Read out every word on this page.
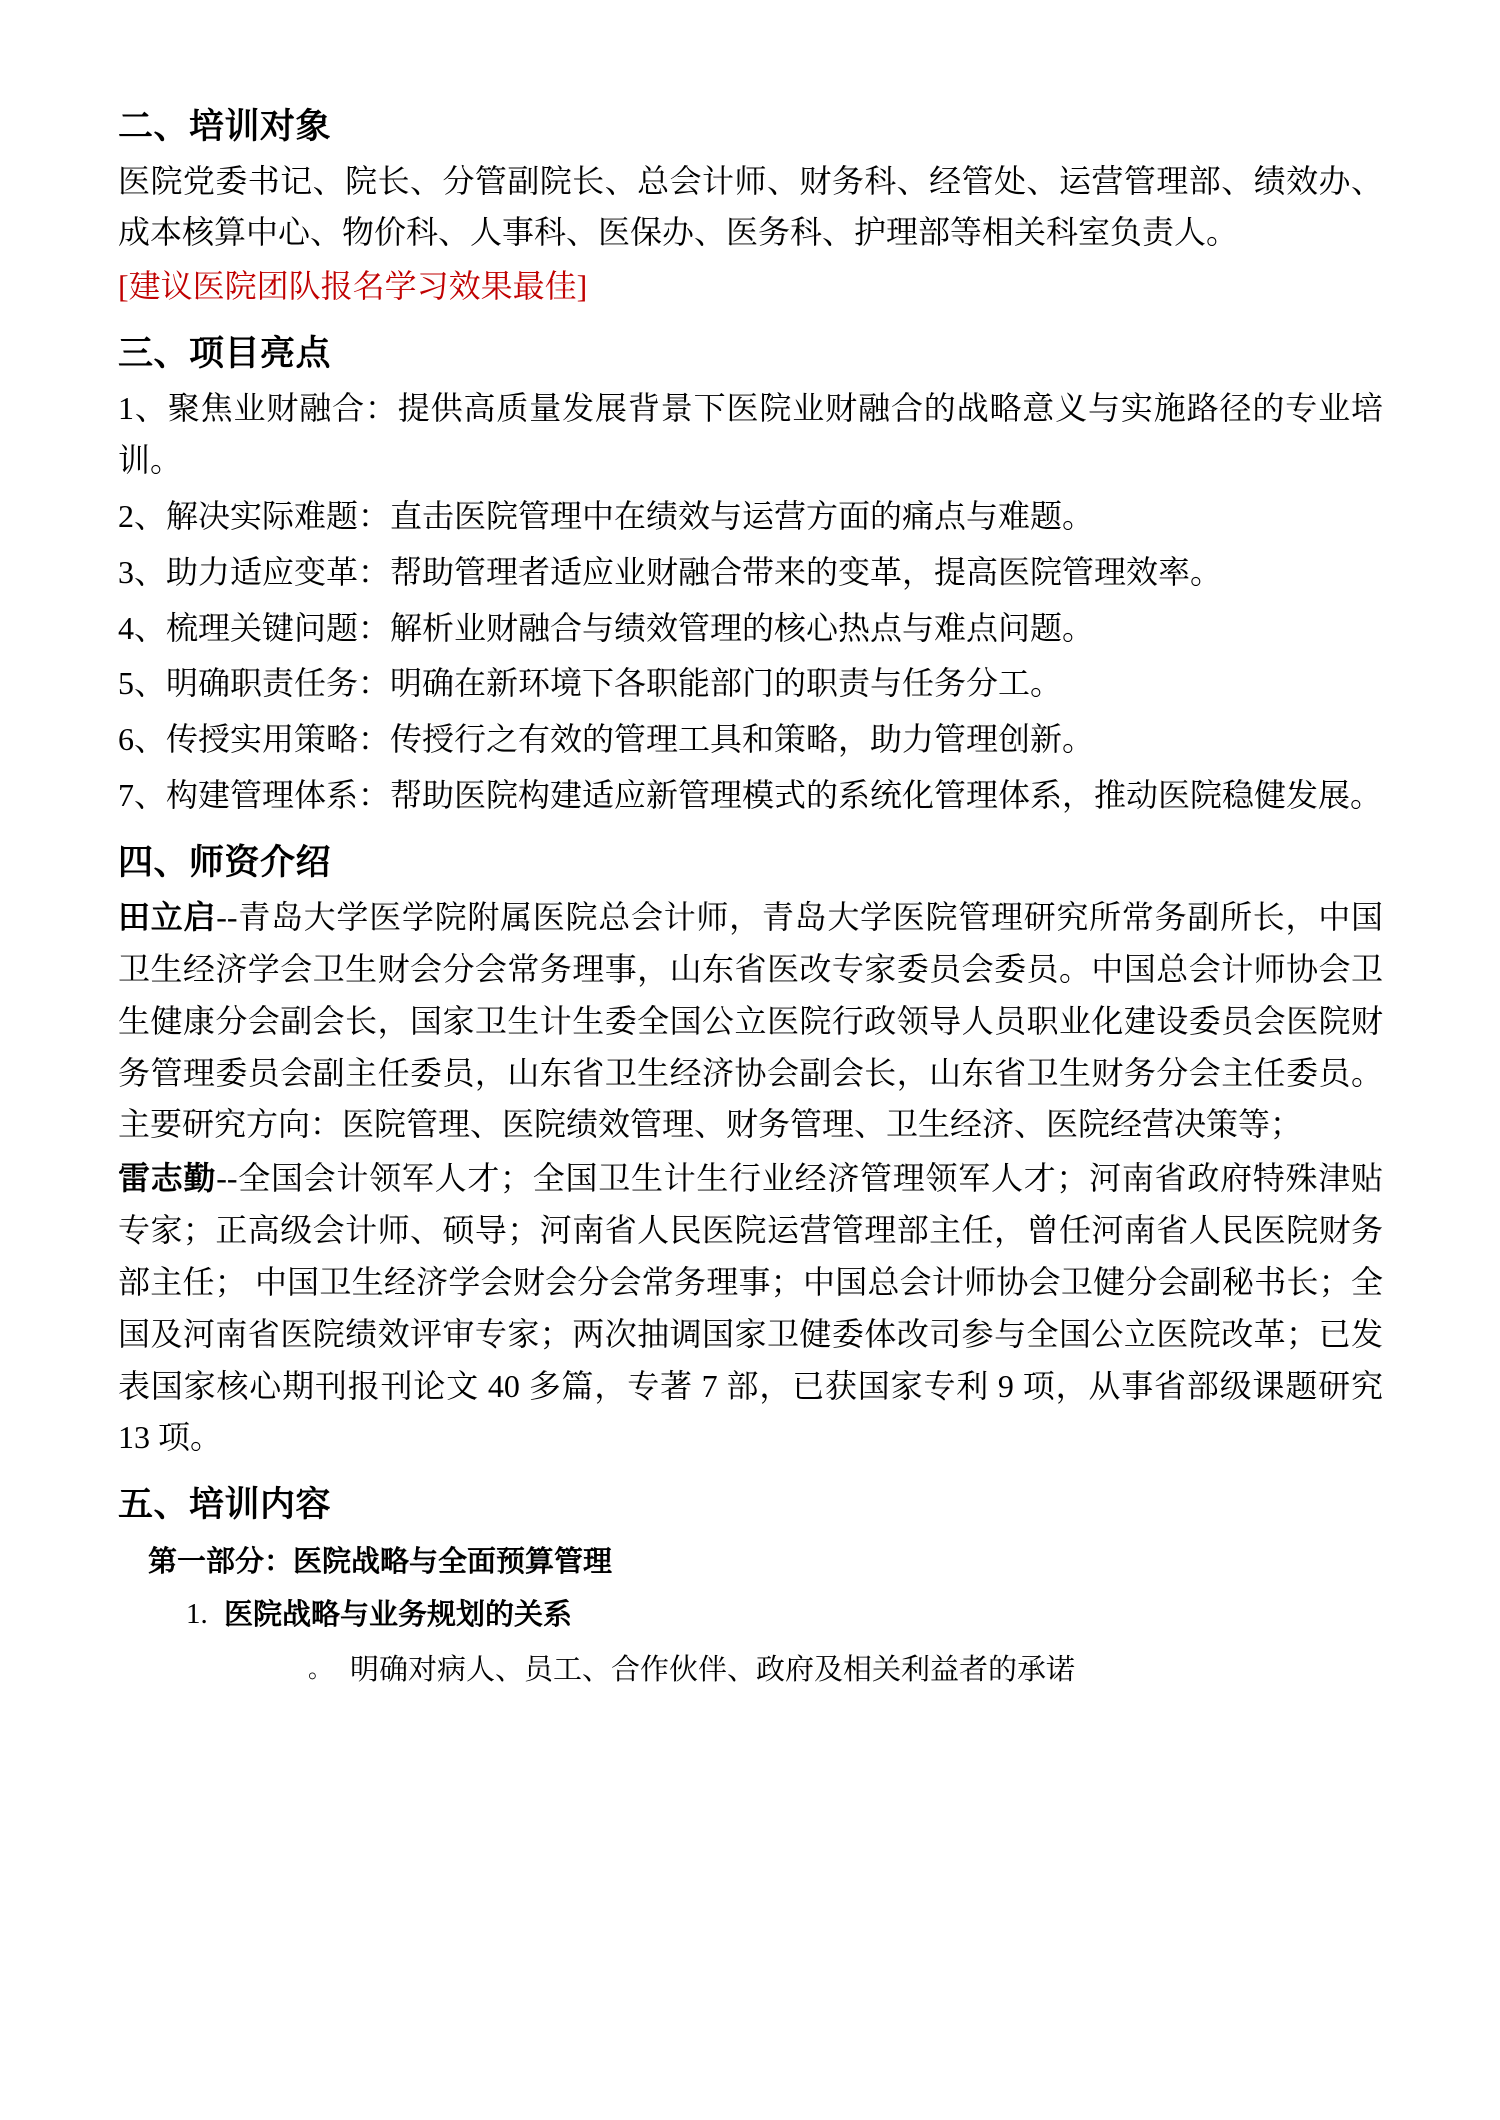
二、培训对象

医院党委书记、院长、分管副院长、总会计师、财务科、经管处、运营管理部、绩效办、成本核算中心、物价科、人事科、医保办、医务科、护理部等相关科室负责人。

[建议医院团队报名学习效果最佳]

三、项目亮点

1、聚焦业财融合：提供高质量发展背景下医院业财融合的战略意义与实施路径的专业培训。

2、解决实际难题：直击医院管理中在绩效与运营方面的痛点与难题。

3、助力适应变革：帮助管理者适应业财融合带来的变革，提高医院管理效率。

4、梳理关键问题：解析业财融合与绩效管理的核心热点与难点问题。

5、明确职责任务：明确在新环境下各职能部门的职责与任务分工。

6、传授实用策略：传授行之有效的管理工具和策略，助力管理创新。

7、构建管理体系：帮助医院构建适应新管理模式的系统化管理体系，推动医院稳健发展。

四、师资介绍

田立启--青岛大学医学院附属医院总会计师，青岛大学医院管理研究所常务副所长，中国卫生经济学会卫生财会分会常务理事，山东省医改专家委员会委员。中国总会计师协会卫生健康分会副会长，国家卫生计生委全国公立医院行政领导人员职业化建设委员会医院财务管理委员会副主任委员，山东省卫生经济协会副会长，山东省卫生财务分会主任委员。主要研究方向：医院管理、医院绩效管理、财务管理、卫生经济、医院经营决策等；

雷志勤--全国会计领军人才；全国卫生计生行业经济管理领军人才；河南省政府特殊津贴专家；正高级会计师、硕导；河南省人民医院运营管理部主任，曾任河南省人民医院财务部主任； 中国卫生经济学会财会分会常务理事；中国总会计师协会卫健分会副秘书长；全国及河南省医院绩效评审专家；两次抽调国家卫健委体改司参与全国公立医院改革；已发表国家核心期刊报刊论文 40 多篇，专著 7 部，已获国家专利 9 项，从事省部级课题研究 13 项。

五、培训内容
第一部分：医院战略与全面预算管理
1. 医院战略与业务规划的关系
。 明确对病人、员工、合作伙伴、政府及相关利益者的承诺
